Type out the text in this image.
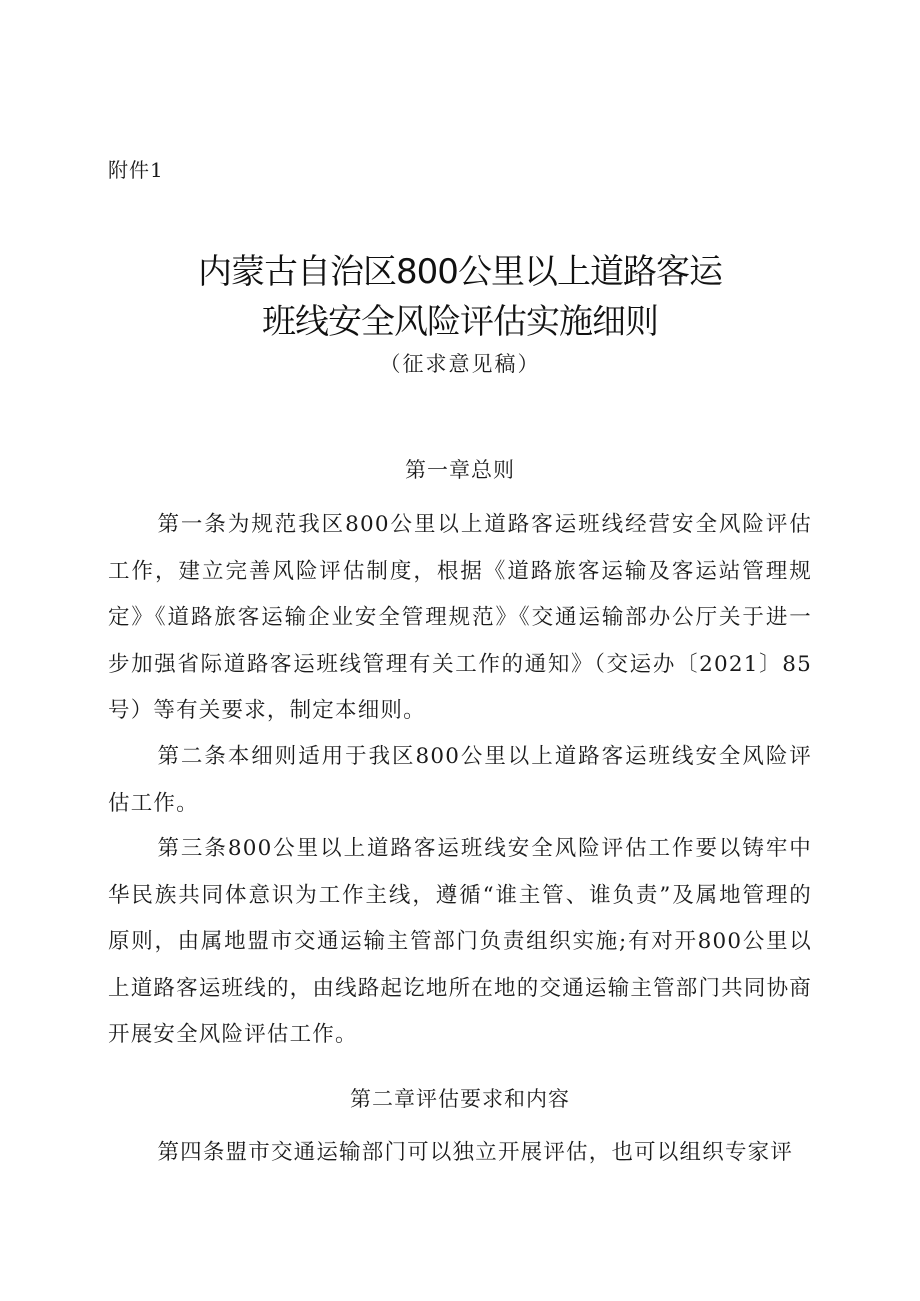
附件1
内蒙古自治区800公里以上道路客运
班线安全风险评估实施细则
（征求意见稿）
第一章总则

第一条为规范我区800公里以上道路客运班线经营安全风险评估工作，建立完善风险评估制度，根据《道路旅客运输及客运站管理规定》《道路旅客运输企业安全管理规范》《交通运输部办公厅关于进一步加强省际道路客运班线管理有关工作的通知》（交运办〔2021〕85号）等有关要求，制定本细则。

第二条本细则适用于我区800公里以上道路客运班线安全风险评估工作。

第三条800公里以上道路客运班线安全风险评估工作要以铸牢中华民族共同体意识为工作主线，遵循“谁主管、谁负责”及属地管理的原则，由属地盟市交通运输主管部门负责组织实施;有对开800公里以上道路客运班线的，由线路起讫地所在地的交通运输主管部门共同协商开展安全风险评估工作。

第二章评估要求和内容

第四条盟市交通运输部门可以独立开展评估，也可以组织专家评
